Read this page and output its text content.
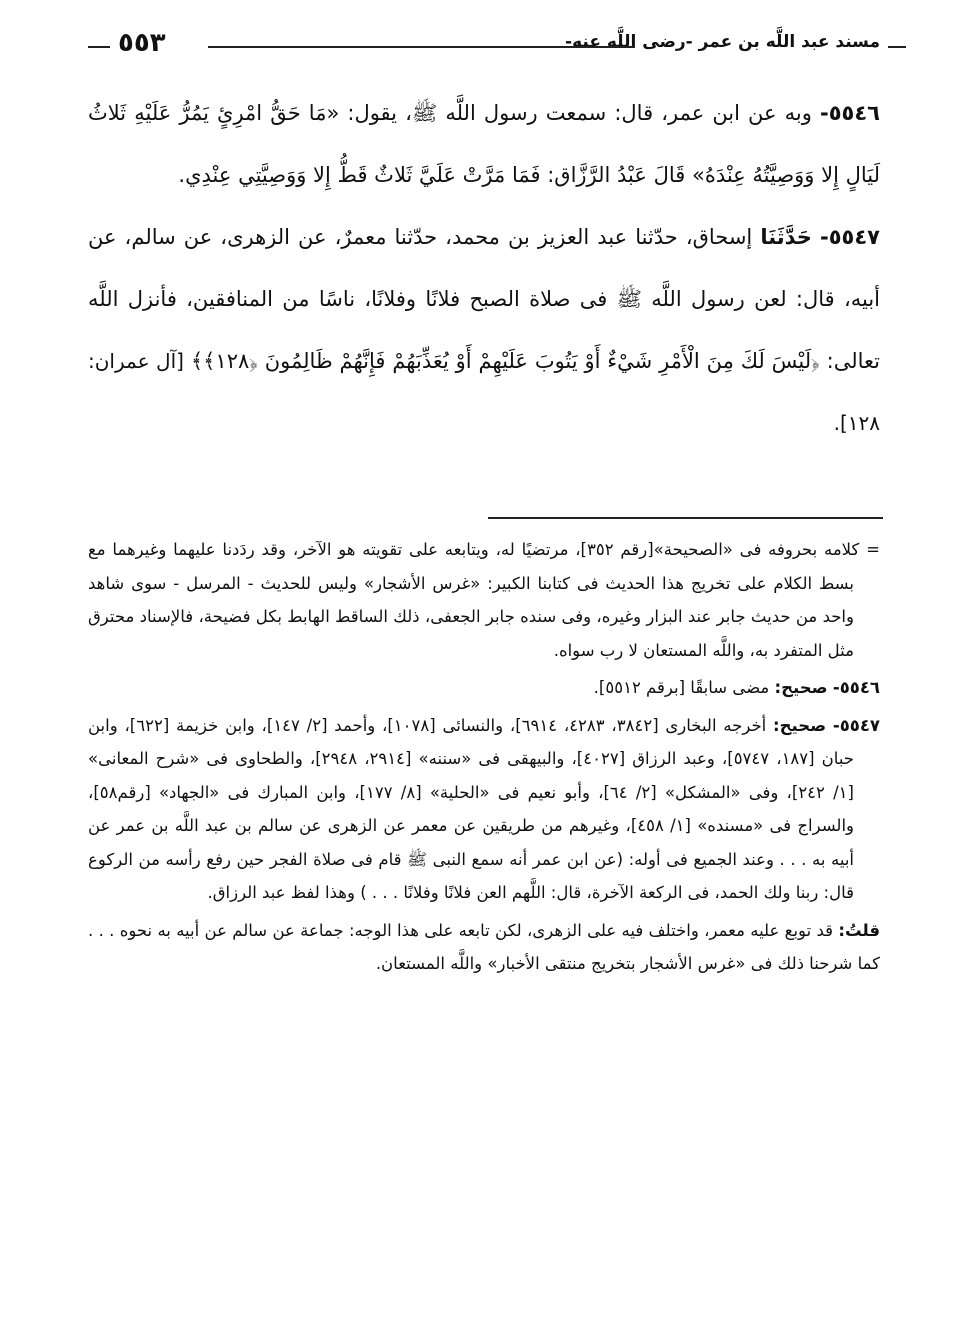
مسند عبد اللَّه بن عمر -رضى اللَّه عنه-
٥٥٣

٥٥٤٦- وبه عن ابن عمر، قال: سمعت رسول اللَّه ﷺ، يقول: «مَا حَقُّ امْرِئٍ يَمُرُّ عَلَيْهِ ثَلاثُ لَيَالٍ إِلا وَوَصِيَّتُهُ عِنْدَهُ» قَالَ عَبْدُ الرَّزَّاق: فَمَا مَرَّتْ عَلَيَّ ثَلاثٌ قَطُّ إِلا وَوَصِيَّتِي عِنْدِي.

٥٥٤٧- حَدَّثَنَا إسحاق، حدّثنا عبد العزيز بن محمد، حدّثنا معمرٌ، عن الزهرى، عن سالم، عن أبيه، قال: لعن رسول اللَّه ﷺ فى صلاة الصبح فلانًا وفلانًا، ناسًا من المنافقين، فأنزل اللَّه تعالى: ﴿لَيْسَ لَكَ مِنَ الْأَمْرِ شَيْءٌ أَوْ يَتُوبَ عَلَيْهِمْ أَوْ يُعَذِّبَهُمْ فَإِنَّهُمْ ظَالِمُونَ ﴿١٢٨﴾﴾ [آل عمران: ١٢٨].

= كلامه بحروفه فى «الصحيحة»[رقم ٣٥٢]، مرتضيًا له، ويتابعه على تقويته هو الآخر، وقد ردَدنا عليهما وغيرهما مع بسط الكلام على تخريج هذا الحديث فى كتابنا الكبير: «غرس الأشجار» وليس للحديث - المرسل - سوى شاهد واحد من حديث جابر عند البزار وغيره، وفى سنده جابر الجعفى، ذلك الساقط الهابط بكل فضيحة، فالإسناد محترق مثل المتفرد به، واللَّه المستعان لا رب سواه.

٥٥٤٦- صحيح: مضى سابقًا [برقم ٥٥١٢].

٥٥٤٧- صحيح: أخرجه البخارى [٣٨٤٢، ٤٢٨٣، ٦٩١٤]، والنسائى [١٠٧٨]، وأحمد [٢/ ١٤٧]، وابن خزيمة [٦٢٢]، وابن حبان [١٨٧، ٥٧٤٧]، وعبد الرزاق [٤٠٢٧]، والبيهقى فى «سننه» [٢٩١٤، ٢٩٤٨]، والطحاوى فى «شرح المعانى» [١/ ٢٤٢]، وفى «المشكل» [٢/ ٦٤]، وأبو نعيم فى «الحلية» [٨/ ١٧٧]، وابن المبارك فى «الجهاد» [رقم٥٨]، والسراج فى «مسنده» [١/ ٤٥٨]، وغيرهم من طريقين عن معمر عن الزهرى عن سالم بن عبد اللَّه بن عمر عن أبيه به . . . وعند الجميع فى أوله: (عن ابن عمر أنه سمع النبى ﷺ قام فى صلاة الفجر حين رفع رأسه من الركوع قال: ربنا ولك الحمد، فى الركعة الآخرة، قال: اللَّهم العن فلانًا وفلانًا . . . ) وهذا لفظ عبد الرزاق.

قلتُ: قد توبع عليه معمر، واختلف فيه على الزهرى، لكن تابعه على هذا الوجه: جماعة عن سالم عن أبيه به نحوه . . . كما شرحنا ذلك فى «غرس الأشجار بتخريج منتقى الأخبار» واللَّه المستعان.
